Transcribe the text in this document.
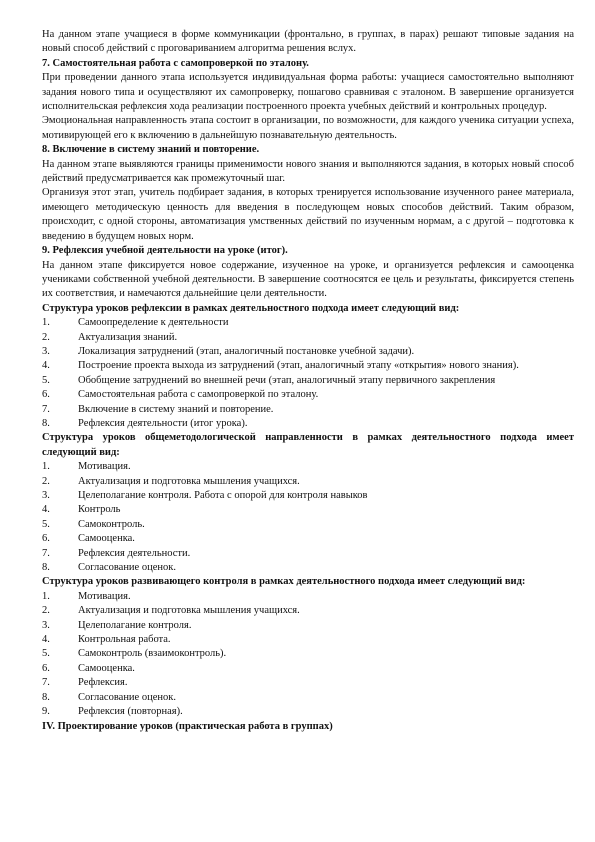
На данном этапе учащиеся в форме коммуникации (фронтально, в группах, в парах) решают типовые задания на новый способ действий с проговариванием алгоритма решения вслух.

7. Самостоятельная работа с самопроверкой по эталону.

При проведении данного этапа используется индивидуальная форма работы: учащиеся самостоятельно выполняют задания нового типа и осуществляют их самопроверку, пошагово сравнивая с эталоном. В завершение организуется исполнительская рефлексия хода реализации построенного проекта учебных действий и контрольных процедур.

Эмоциональная направленность этапа состоит в организации, по возможности, для каждого ученика ситуации успеха, мотивирующей его к включению в дальнейшую познавательную деятельность.

8. Включение в систему знаний и повторение.

На данном этапе выявляются границы применимости нового знания и выполняются задания, в которых новый способ действий предусматривается как промежуточный шаг.

Организуя этот этап, учитель подбирает задания, в которых тренируется использование изученного ранее материала, имеющего методическую ценность для введения в последующем новых способов действий. Таким образом, происходит, с одной стороны, автоматизация умственных действий по изученным нормам, а с другой – подготовка к введению в будущем новых норм.

9. Рефлексия учебной деятельности на уроке (итог).

На данном этапе фиксируется новое содержание, изученное на уроке, и организуется рефлексия и самооценка учениками собственной учебной деятельности. В завершение соотносятся ее цель и результаты, фиксируется степень их соответствия, и намечаются дальнейшие цели деятельности.

Структура уроков рефлексии в рамках деятельностного подхода имеет следующий вид:

1.	Самоопределение к деятельности
2.	Актуализация знаний.
3.	Локализация затруднений (этап, аналогичный постановке учебной задачи).
4.	Построение проекта выхода из затруднений (этап, аналогичный этапу «открытия» нового знания).
5.	Обобщение затруднений во внешней речи (этап, аналогичный этапу первичного закрепления
6.	Самостоятельная работа с самопроверкой по эталону.
7.	Включение в систему знаний и повторение.
8.	Рефлексия деятельности (итог урока).

Структура уроков общеметодологической направленности в рамках деятельностного подхода имеет следующий вид:

1.	Мотивация.
2.	Актуализация и подготовка мышления учащихся.
3.	Целеполагание контроля. Работа с опорой для контроля навыков
4.	Контроль
5.	Самоконтроль.
6.	Самооценка.
7.	Рефлексия деятельности.
8.	Согласование оценок.

Структура уроков развивающего контроля в рамках деятельностного подхода имеет следующий вид:

1.	Мотивация.
2.	Актуализация и подготовка мышления учащихся.
3.	Целеполагание контроля.
4.	Контрольная работа.
5.	Самоконтроль (взаимоконтроль).
6.	Самооценка.
7.	Рефлексия.
8.	Согласование оценок.
9.	Рефлексия (повторная).

IV. Проектирование уроков (практическая работа в группах)
